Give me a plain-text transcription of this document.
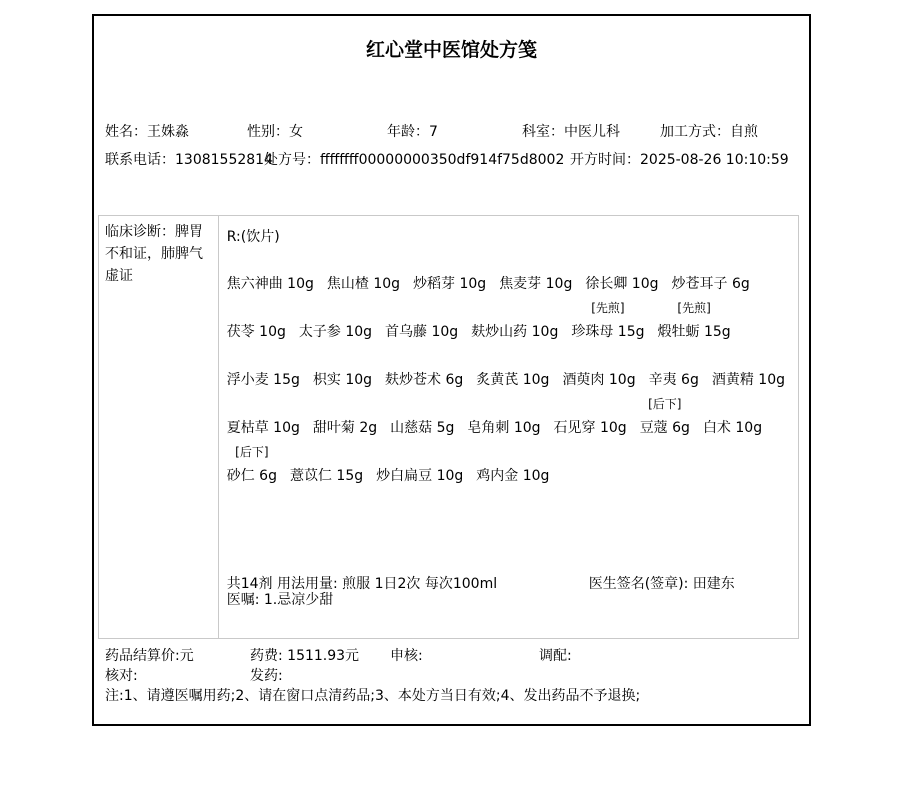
红心堂中医馆处方笺
姓名：王姝淼	性别：女	年龄：7	科室：中医儿科	加工方式：自煎
联系电话：13081552814
处方号：ffffffff00000000350df914f75d8002 开方时间：2025-08-26 10:10:59
临床诊断：脾胃不和证，肺脾气虚证
R:(饮片)

焦六神曲 10g
焦山楂 10g
炒稻芽 10g
焦麦芽 10g
徐长卿 10g
炒苍耳子 6g

茯苓 10g
太子参 10g
首乌藤 10g
麸炒山药 10g
[先煎]
珍珠母 15g
[先煎]
煅牡蛎 15g

浮小麦 15g
枳实 10g
麸炒苍术 6g
炙黄芪 10g
酒萸肉 10g
辛夷 6g
酒黄精 10g

夏枯草 10g
甜叶菊 2g
山慈菇 5g
皂角刺 10g
石见穿 10g
[后下]
豆蔻 6g
白术 10g
[后下]
砂仁 6g
薏苡仁 15g
炒白扁豆 10g
鸡内金 10g
共14剂 用法用量: 煎服 1日2次 每次100ml	医生签名(签章): 田建东
医嘱: 1.忌凉少甜
药品结算价:元	药费: 1511.93元 申核:	调配:
核对:	发药:
注:1、请遵医嘱用药;2、请在窗口点清药品;3、本处方当日有效;4、发出药品不予退换;
